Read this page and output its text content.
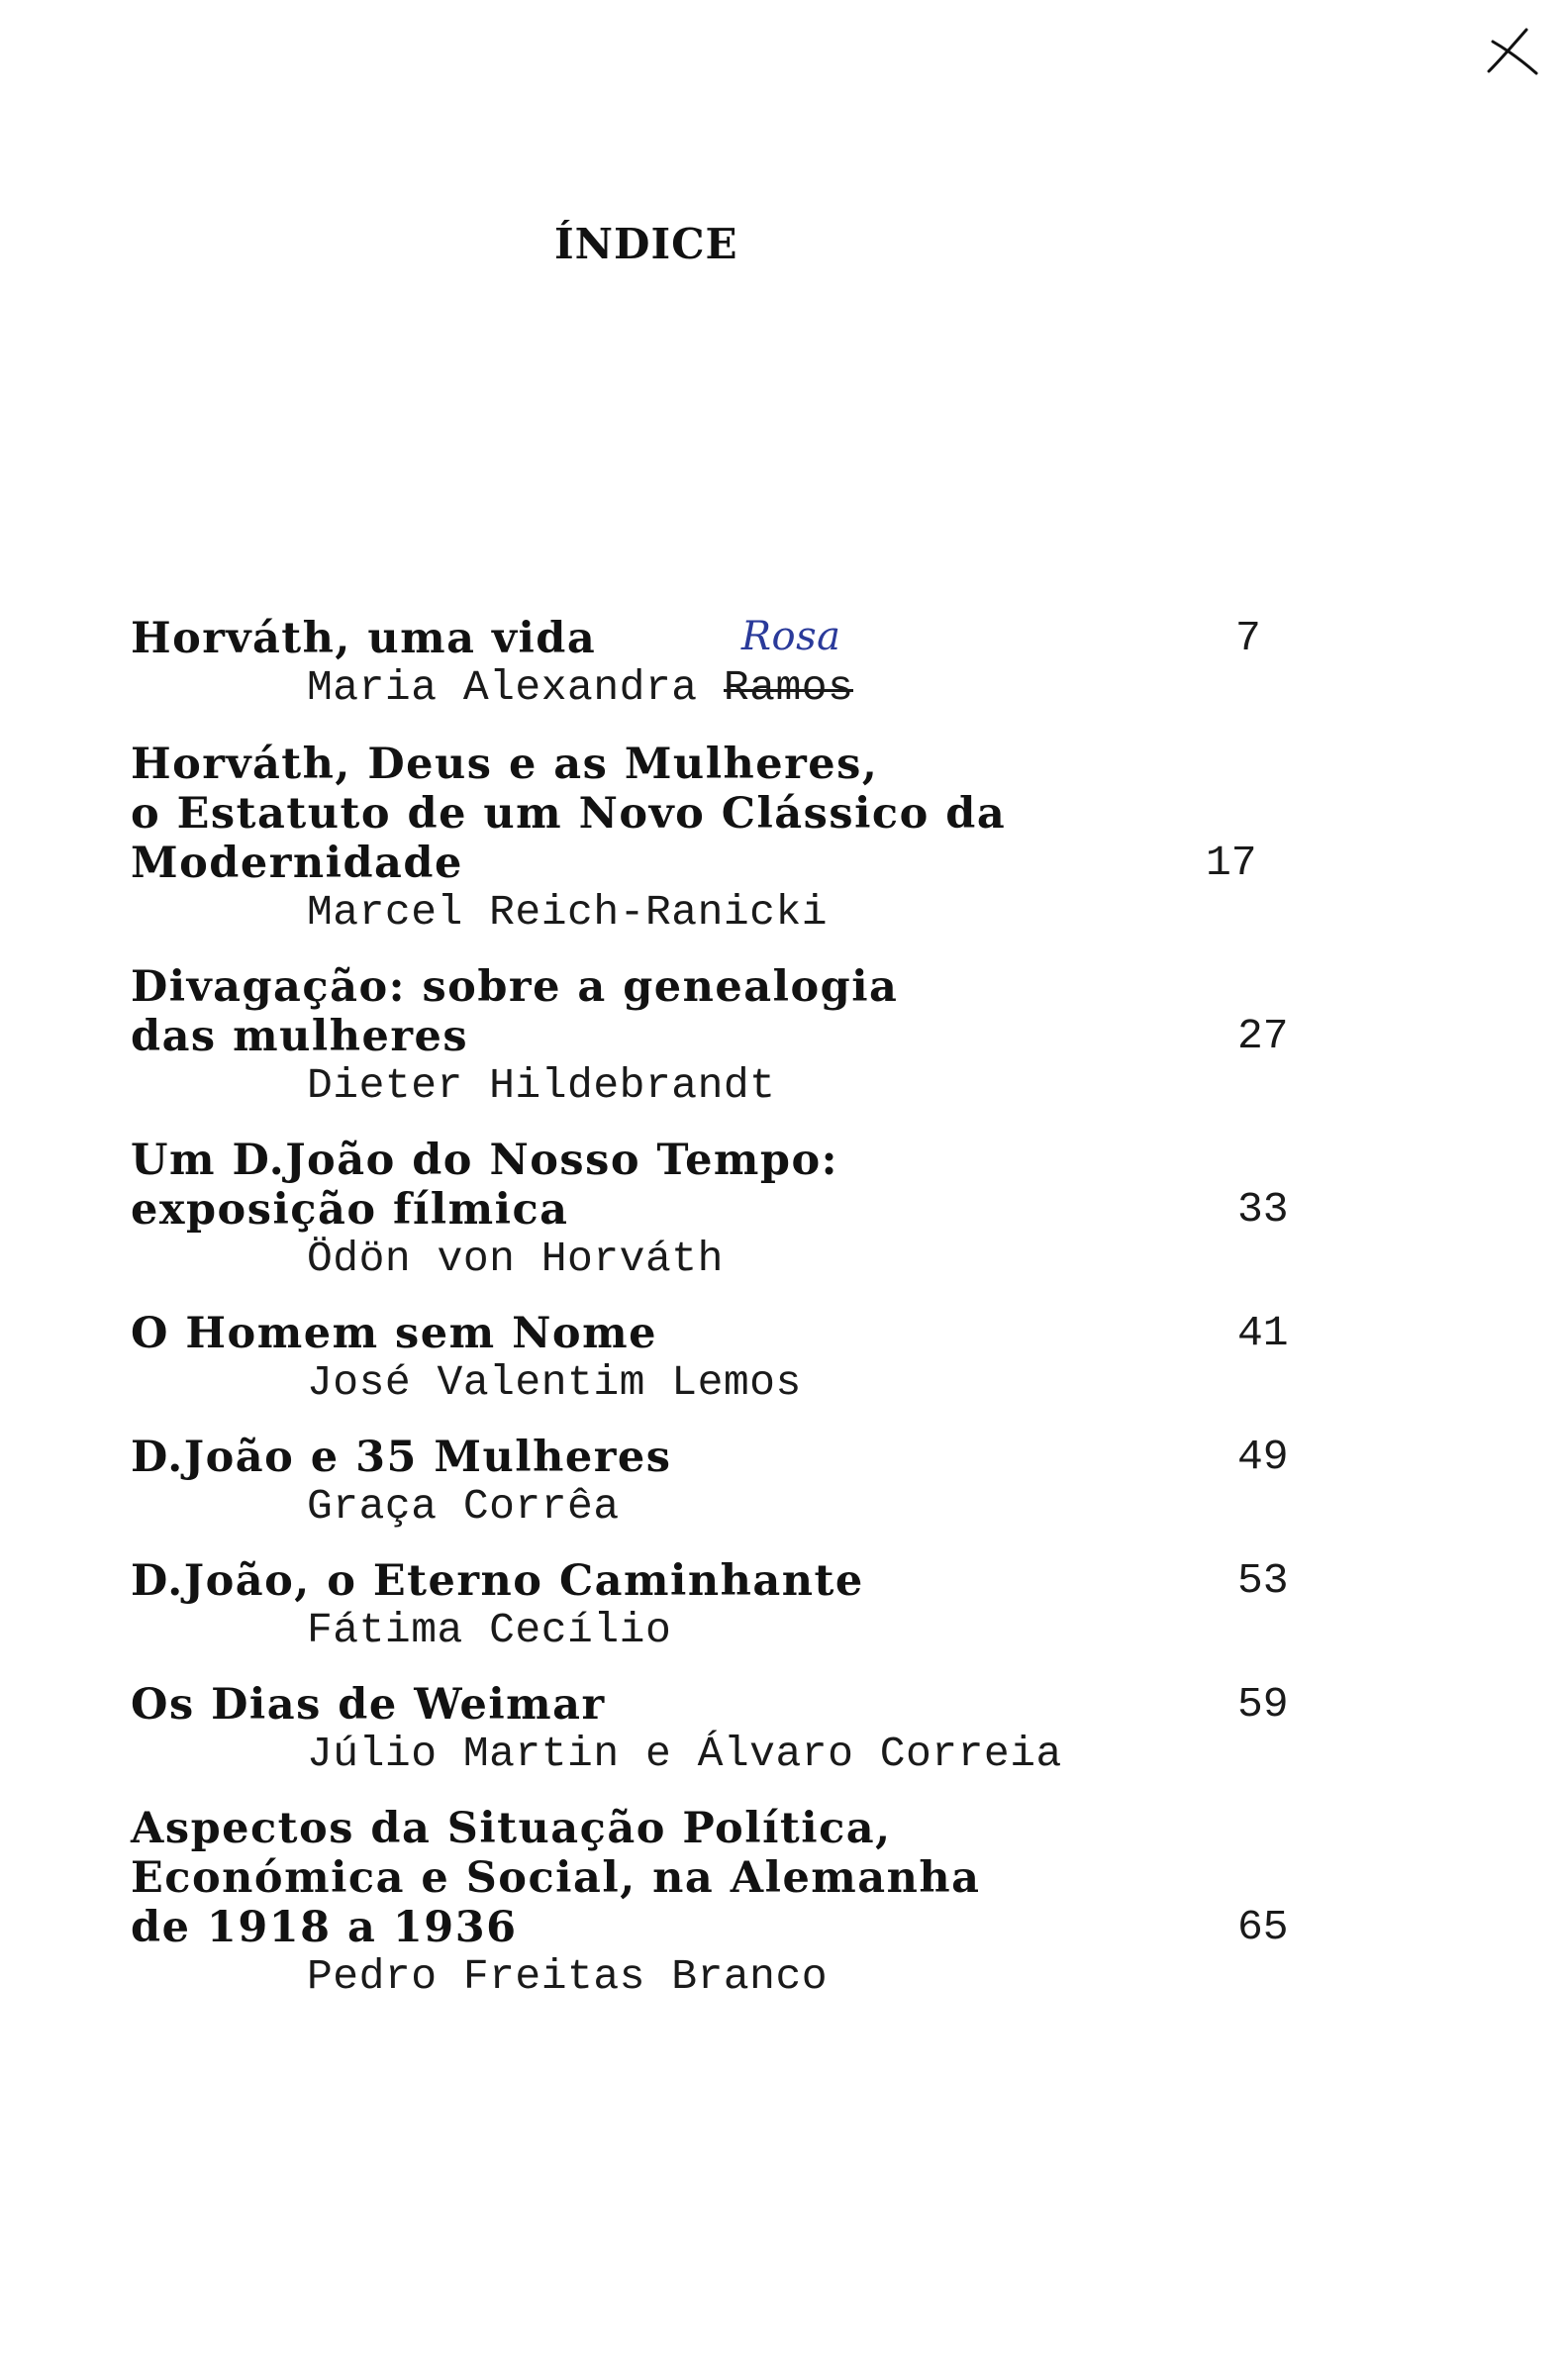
ÍNDICE
Horváth, uma vida
Maria Alexandra Ramos
Rosa	7
Horváth, Deus e as Mulheres,
o Estatuto de um Novo Clássico da
Modernidade
Marcel Reich-Ranicki
17
Divagação: sobre a genealogia
das mulheres
Dieter Hildebrandt
27
Um D.João do Nosso Tempo:
exposição fílmica
Ödön von Horváth
33
O Homem sem Nome
José Valentim Lemos
41
D.João e 35 Mulheres
Graça Corrêa
49
D.João, o Eterno Caminhante
Fátima Cecílio
53
Os Dias de Weimar
Júlio Martin e Álvaro Correia
59
Aspectos da Situação Política,
Económica e Social, na Alemanha
de 1918 a 1936
Pedro Freitas Branco
65
